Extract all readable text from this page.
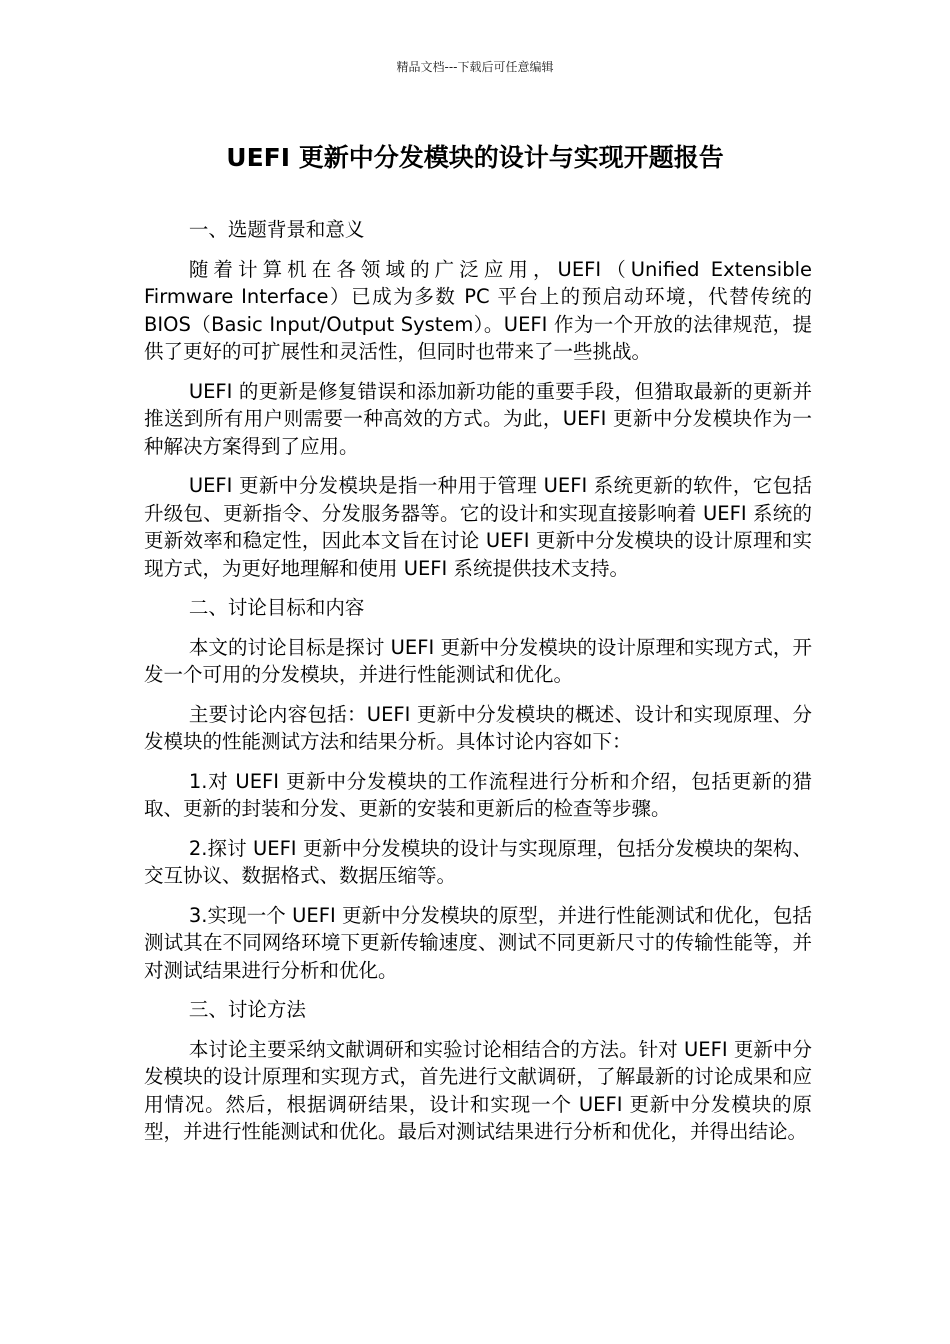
精品文档---下载后可任意编辑
UEFI 更新中分发模块的设计与实现开题报告

一、选题背景和意义

随着计算机在各领域的广泛应用，UEFI（Unified Extensible Firmware Interface）已成为多数 PC 平台上的预启动环境，代替传统的 BIOS（Basic Input/Output System）。UEFI 作为一个开放的法律规范，提供了更好的可扩展性和灵活性，但同时也带来了一些挑战。

UEFI 的更新是修复错误和添加新功能的重要手段，但猎取最新的更新并推送到所有用户则需要一种高效的方式。为此，UEFI 更新中分发模块作为一种解决方案得到了应用。

UEFI 更新中分发模块是指一种用于管理 UEFI 系统更新的软件，它包括升级包、更新指令、分发服务器等。它的设计和实现直接影响着 UEFI 系统的更新效率和稳定性，因此本文旨在讨论 UEFI 更新中分发模块的设计原理和实现方式，为更好地理解和使用 UEFI 系统提供技术支持。

二、讨论目标和内容

本文的讨论目标是探讨 UEFI 更新中分发模块的设计原理和实现方式，开发一个可用的分发模块，并进行性能测试和优化。

主要讨论内容包括：UEFI 更新中分发模块的概述、设计和实现原理、分发模块的性能测试方法和结果分析。具体讨论内容如下：

1.对 UEFI 更新中分发模块的工作流程进行分析和介绍，包括更新的猎取、更新的封装和分发、更新的安装和更新后的检查等步骤。

2.探讨 UEFI 更新中分发模块的设计与实现原理，包括分发模块的架构、交互协议、数据格式、数据压缩等。

3.实现一个 UEFI 更新中分发模块的原型，并进行性能测试和优化，包括测试其在不同网络环境下更新传输速度、测试不同更新尺寸的传输性能等，并对测试结果进行分析和优化。

三、讨论方法

本讨论主要采纳文献调研和实验讨论相结合的方法。针对 UEFI 更新中分发模块的设计原理和实现方式，首先进行文献调研，了解最新的讨论成果和应用情况。然后，根据调研结果，设计和实现一个 UEFI 更新中分发模块的原型，并进行性能测试和优化。最后对测试结果进行分析和优化，并得出结论。
